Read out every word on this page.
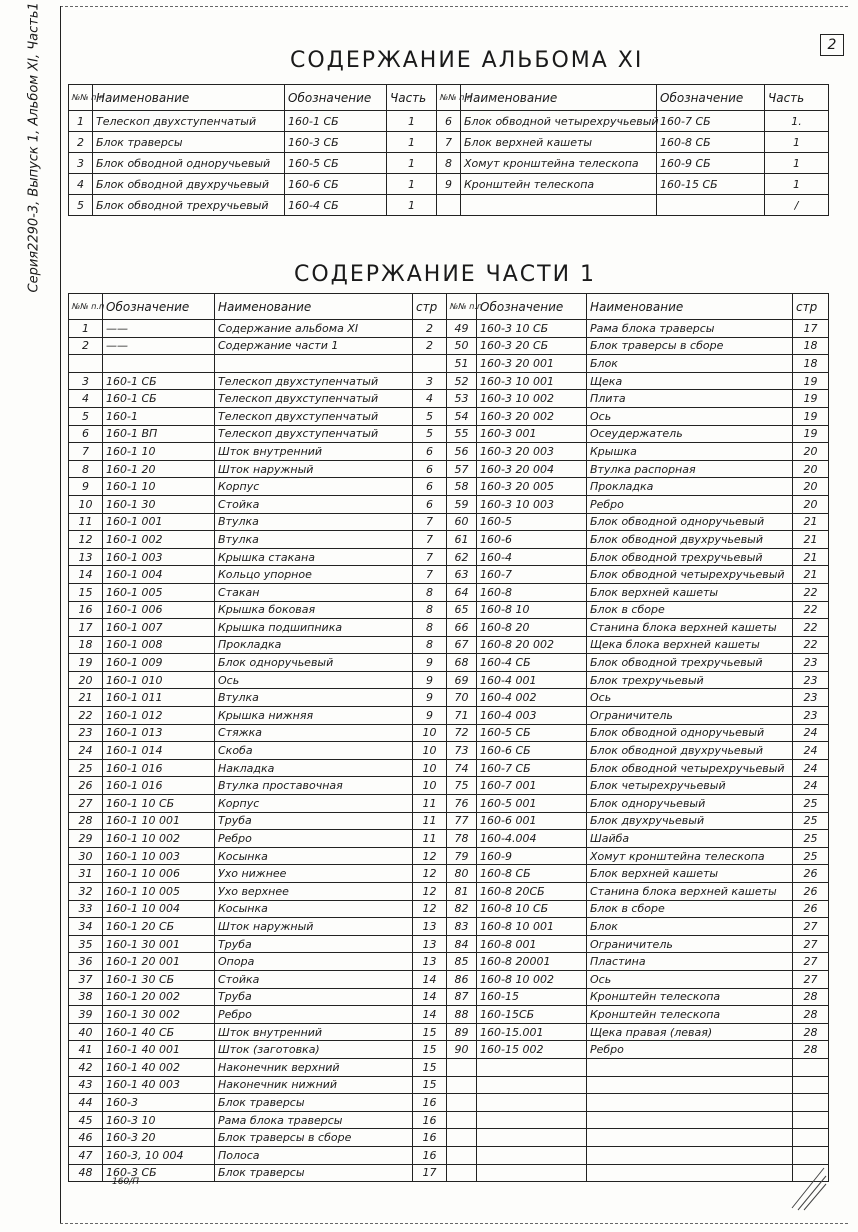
Серия2290-3, Выпуск 1, Альбом XI, Часть1	2
СОДЕРЖАНИЕ АЛЬБОМА XI
№№ п.п	Наименование	Обозначение	Часть	№№ п.п	Наименование	Обозначение	Часть
1	Телескоп двухступенчатый	160-1 СБ	1	6	Блок обводной четырехручьевый	160-7 СБ	1.
2	Блок траверсы	160-3 СБ	1	7	Блок верхней кашеты	160-8 СБ	1
3	Блок обводной одноручьевый	160-5 СБ	1	8	Хомут кронштейна телескопа	160-9 СБ	1
4	Блок обводной двухручьевый	160-6 СБ	1	9	Кронштейн телескопа	160-15 СБ	1
5	Блок обводной трехручьевый	160-4 СБ	1				/
СОДЕРЖАНИЕ ЧАСТИ 1
№№ п.п	Обозначение	Наименование	стр	№№ п.п	Обозначение	Наименование	стр
1	——	Содержание альбома XI	2	49	160-3 10 СБ	Рама блока траверсы	17
2	——	Содержание части 1	2	50	160-3 20 СБ	Блок траверсы в сборе	18
				51	160-3 20 001	Блок	18
3	160-1 СБ	Телескоп двухступенчатый	3	52	160-3 10 001	Щека	19
4	160-1 СБ	Телескоп двухступенчатый	4	53	160-3 10 002	Плита	19
5	160-1	Телескоп двухступенчатый	5	54	160-3 20 002	Ось	19
6	160-1 ВП	Телескоп двухступенчатый	5	55	160-3 001	Осеудержатель	19
7	160-1 10	Шток внутренний	6	56	160-3 20 003	Крышка	20
8	160-1 20	Шток наружный	6	57	160-3 20 004	Втулка распорная	20
9	160-1 10	Корпус	6	58	160-3 20 005	Прокладка	20
10	160-1 30	Стойка	6	59	160-3 10 003	Ребро	20
11	160-1 001	Втулка	7	60	160-5	Блок обводной одноручьевый	21
12	160-1 002	Втулка	7	61	160-6	Блок обводной двухручьевый	21
13	160-1 003	Крышка стакана	7	62	160-4	Блок обводной трехручьевый	21
14	160-1 004	Кольцо упорное	7	63	160-7	Блок обводной четырехручьевый	21
15	160-1 005	Стакан	8	64	160-8	Блок верхней кашеты	22
16	160-1 006	Крышка боковая	8	65	160-8 10	Блок в сборе	22
17	160-1 007	Крышка подшипника	8	66	160-8 20	Станина блока верхней кашеты	22
18	160-1 008	Прокладка	8	67	160-8 20 002	Щека блока верхней кашеты	22
19	160-1 009	Блок одноручьевый	9	68	160-4 СБ	Блок обводной трехручьевый	23
20	160-1 010	Ось	9	69	160-4 001	Блок трехручьевый	23
21	160-1 011	Втулка	9	70	160-4 002	Ось	23
22	160-1 012	Крышка нижняя	9	71	160-4 003	Ограничитель	23
23	160-1 013	Стяжка	10	72	160-5 СБ	Блок обводной одноручьевый	24
24	160-1 014	Скоба	10	73	160-6 СБ	Блок обводной двухручьевый	24
25	160-1 016	Накладка	10	74	160-7 СБ	Блок обводной четырехручьевый	24
26	160-1 016	Втулка проставочная	10	75	160-7 001	Блок четырехручьевый	24
27	160-1 10 СБ	Корпус	11	76	160-5 001	Блок одноручьевый	25
28	160-1 10 001	Труба	11	77	160-6 001	Блок двухручьевый	25
29	160-1 10 002	Ребро	11	78	160-4.004	Шайба	25
30	160-1 10 003	Косынка	12	79	160-9	Хомут кронштейна телескопа	25
31	160-1 10 006	Ухо нижнее	12	80	160-8 СБ	Блок верхней кашеты	26
32	160-1 10 005	Ухо верхнее	12	81	160-8 20СБ	Станина блока верхней кашеты	26
33	160-1 10 004	Косынка	12	82	160-8 10 СБ	Блок в сборе	26
34	160-1 20 СБ	Шток наружный	13	83	160-8 10 001	Блок	27
35	160-1 30 001	Труба	13	84	160-8 001	Ограничитель	27
36	160-1 20 001	Опора	13	85	160-8 20001	Пластина	27
37	160-1 30 СБ	Стойка	14	86	160-8 10 002	Ось	27
38	160-1 20 002	Труба	14	87	160-15	Кронштейн телескопа	28
39	160-1 30 002	Ребро	14	88	160-15СБ	Кронштейн телескопа	28
40	160-1 40 СБ	Шток внутренний	15	89	160-15.001	Щека правая (левая)	28
41	160-1 40 001	Шток (заготовка)	15	90	160-15 002	Ребро	28
42	160-1 40 002	Наконечник верхний	15				
43	160-1 40 003	Наконечник нижний	15				
44	160-3	Блок траверсы	16				
45	160-3 10	Рама блока траверсы	16				
46	160-3 20	Блок траверсы в сборе	16				
47	160-3, 10 004	Полоса	16				
48	160-3 СБ	Блок траверсы	17				
160/П
